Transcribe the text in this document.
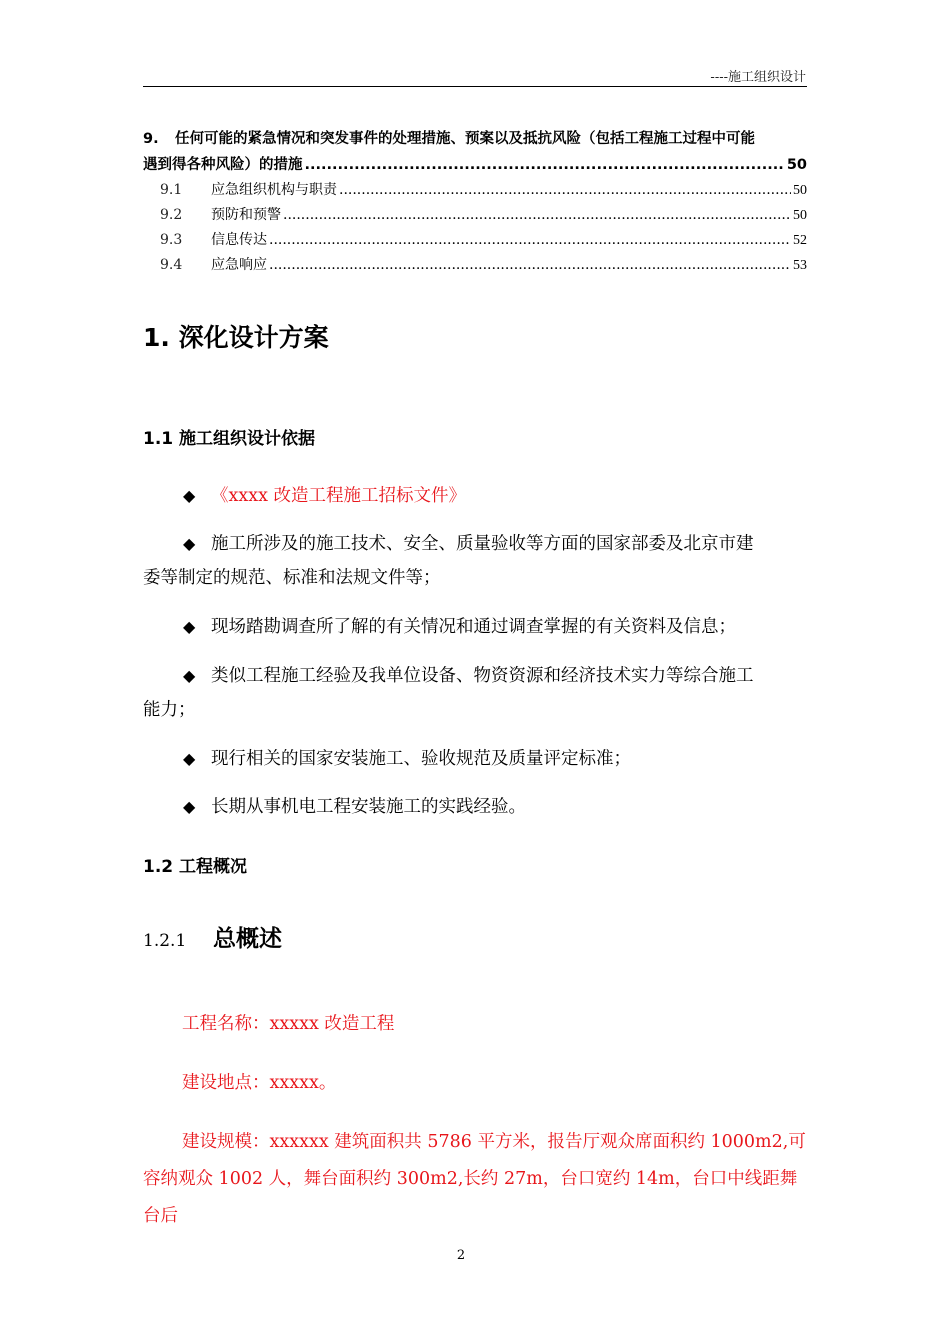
----施工组织设计
9. 任何可能的紧急情况和突发事件的处理措施、预案以及抵抗风险（包括工程施工过程中可能
遇到得各种风险）的措施 .....	50
9.1	应急组织机构与职责 .....	50
9.2	预防和预警 .....	50
9.3	信息传达 .....	52
9.4	应急响应 .....	53
1. 深化设计方案
1.1 施工组织设计依据
◆ 《xxxx 改造工程施工招标文件》
◆ 施工所涉及的施工技术、安全、质量验收等方面的国家部委及北京市建
委等制定的规范、标准和法规文件等；
◆ 现场踏勘调查所了解的有关情况和通过调查掌握的有关资料及信息；
◆ 类似工程施工经验及我单位设备、物资资源和经济技术实力等综合施工
能力；
◆ 现行相关的国家安装施工、验收规范及质量评定标准；
◆ 长期从事机电工程安装施工的实践经验。
1.2 工程概况
1.2.1 总概述
工程名称：xxxxx 改造工程
建设地点：xxxxx。
建设规模：xxxxxx 建筑面积共 5786 平方米，报告厅观众席面积约 1000m2,可容纳观众 1002 人，舞台面积约 300m2,长约 27m，台口宽约 14m，台口中线距舞台后
2
